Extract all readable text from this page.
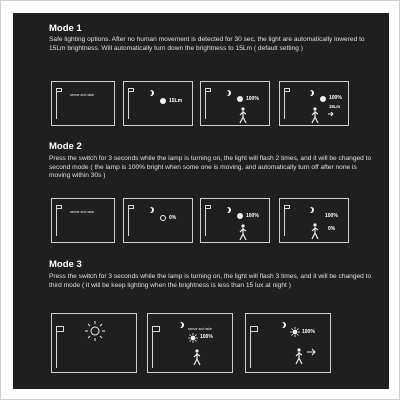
Mode 1
Safe lighting options. After no human movement is detected for 30 sec, the light are automatically lowered to 15Lm brightness. Will automatically turn down the brightness to 15Lm ( default setting )
sensor and radar
15Lm	100%	100%
15Lm
Mode 2
Press the switch for 3 seconds while the lamp is turning on, the light will flash 2 times, and it will be changed to second mode ( the lamp is 100% bright when some one is moving, and automatically turn off after none is moving within 30s )
sensor and radar
0%	100%	100%
0%
Mode 3
Press the switch for 3 seconds while the lamp is turning on, the light will flash 3 times, and it will be changed to third mode ( it will be keep lighting when the brightness is less than 15 lux at night )
sensor and radar
100%
100%
